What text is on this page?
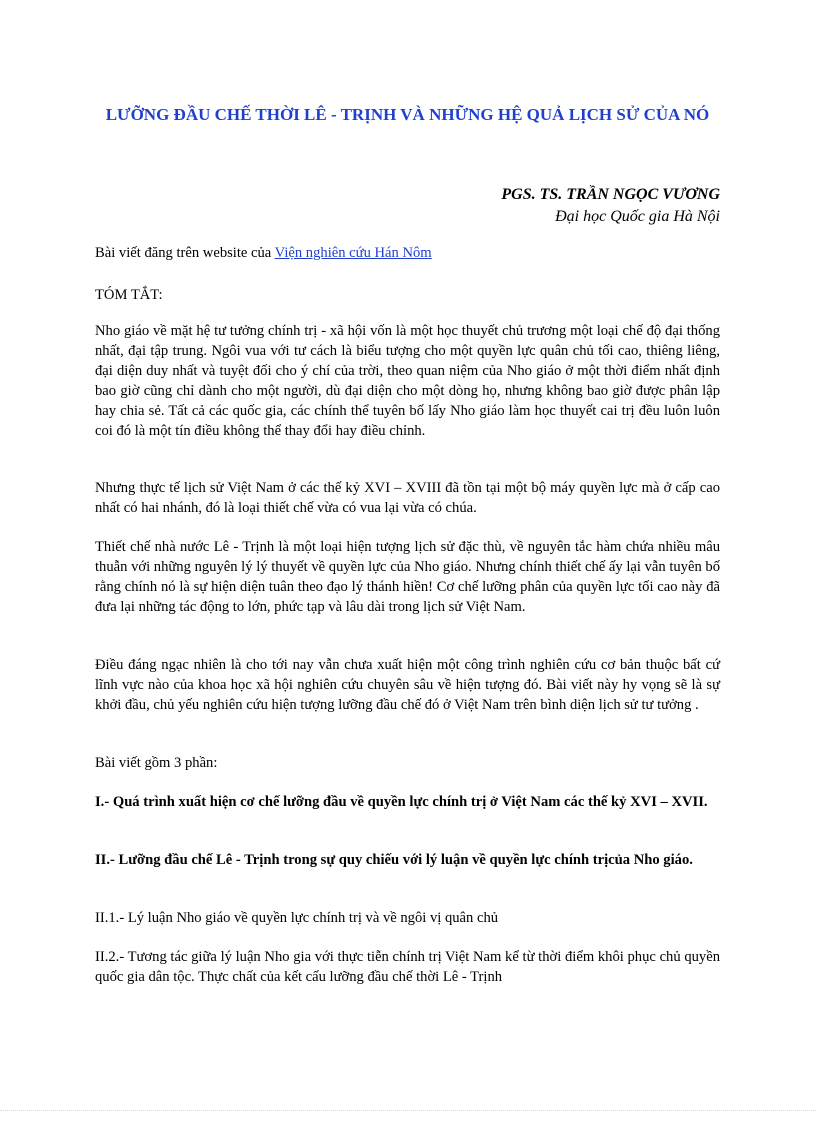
LƯỠNG ĐẦU CHẾ THỜI LÊ - TRỊNH VÀ NHỮNG HỆ QUẢ LỊCH SỬ CỦA NÓ
PGS. TS. TRẦN NGỌC VƯƠNG
Đại học Quốc gia Hà Nội

Bài viết đăng trên website của Viện nghiên cứu Hán Nôm

TÓM TẮT:

Nho giáo về mặt hệ tư tưởng chính trị - xã hội vốn là một học thuyết chủ trương một loại chế độ đại thống nhất, đại tập trung. Ngôi vua với tư cách là biểu tượng cho một quyền lực quân chủ tối cao, thiêng liêng, đại diện duy nhất và tuyệt đối cho ý chí của trời, theo quan niệm của Nho giáo ở một thời điểm nhất định bao giờ cũng chỉ dành cho một người, dù đại diện cho một dòng họ, nhưng không bao giờ được phân lập hay chia sẻ. Tất cả các quốc gia, các chính thể tuyên bố lấy Nho giáo làm học thuyết cai trị đều luôn luôn coi đó là một tín điều không thể thay đổi hay điều chỉnh.

Nhưng thực tế lịch sử Việt Nam ở các thế kỷ XVI – XVIII đã tồn tại một bộ máy quyền lực mà ở cấp cao nhất có hai nhánh, đó là loại thiết chế vừa có vua lại vừa có chúa.

Thiết chế nhà nước Lê - Trịnh là một loại hiện tượng lịch sử đặc thù, về nguyên tắc hàm chứa nhiều mâu thuẫn với những nguyên lý lý thuyết về quyền lực của Nho giáo. Nhưng chính thiết chế ấy lại vẫn tuyên bố rằng chính nó là sự hiện diện tuân theo đạo lý thánh hiền! Cơ chế lưỡng phân của quyền lực tối cao này đã đưa lại những tác động to lớn, phức tạp và lâu dài trong lịch sử Việt Nam.

Điều đáng ngạc nhiên là cho tới nay vẫn chưa xuất hiện một công trình nghiên cứu cơ bản thuộc bất cứ lĩnh vực nào của khoa học xã hội nghiên cứu chuyên sâu về hiện tượng đó. Bài viết này hy vọng sẽ là sự khởi đầu, chủ yếu nghiên cứu hiện tượng lưỡng đầu chế đó ở Việt Nam trên bình diện lịch sử tư tưởng .

Bài viết gồm 3 phần:

I.- Quá trình xuất hiện cơ chế lưỡng đầu về quyền lực chính trị ở Việt Nam các thế kỷ XVI – XVII.

II.- Lưỡng đầu chế Lê - Trịnh trong sự quy chiếu với lý luận về quyền lực chính trịcủa Nho giáo.

II.1.- Lý luận Nho giáo về quyền lực chính trị và về ngôi vị quân chủ

II.2.- Tương tác giữa lý luận Nho gia với thực tiễn chính trị Việt Nam kể từ thời điểm khôi phục chủ quyền quốc gia dân tộc. Thực chất của kết cấu lưỡng đầu chế thời Lê - Trịnh
